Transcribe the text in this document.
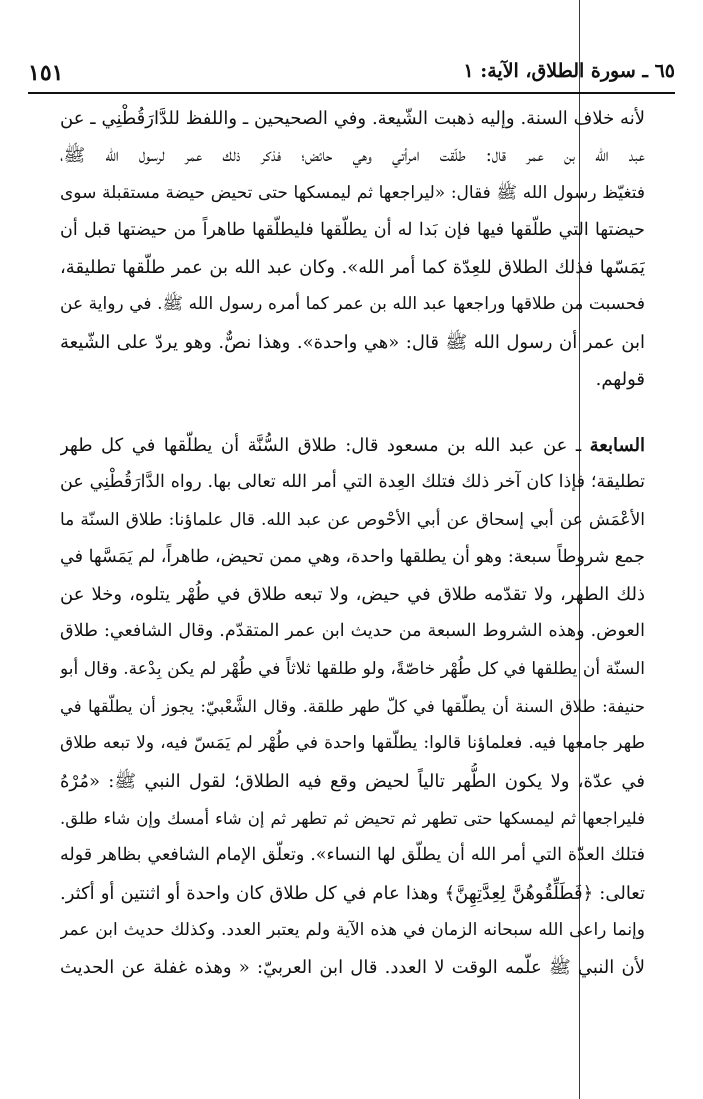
٦٥ ـ سورة الطلاق، الآية: ١
١٥١
لأنه خلاف السنة. وإليه ذهبت الشّيعة. وفي الصحيحين ـ واللفظ للدَّارَقُطْنِي ـ عن
عبد الله بن عمر قال: طلّقت امرأتي وهي حائض؛ فذكر ذلك عمر لرسول الله ﷺ،
فتغيّظ رسول الله ﷺ فقال: «ليراجعها ثم ليمسكها حتى تحيض حيضة مستقبلة سوى
حيضتها التي طلّقها فيها فإن بَدا له أن يطلّقها فليطلّقها طاهراً من حيضتها قبل أن
يَمَسّها فذلك الطلاق للعِدّة كما أمر الله». وكان عبد الله بن عمر طلّقها تطليقة،
فحسبت من طلاقها وراجعها عبد الله بن عمر كما أمره رسول الله ﷺ. في رواية عن
ابن عمر أن رسول الله ﷺ قال: «هي واحدة». وهذا نصٌّ. وهو يردّ على الشّيعة
قولهم.
السابعة ـ عن عبد الله بن مسعود قال: طلاق السُّنَّة أن يطلّقها في كل طهر
تطليقة؛ فإذا كان آخر ذلك فتلك العِدة التي أمر الله تعالى بها. رواه الدَّارَقُطْنِي عن
الأعْمَش عن أبي إسحاق عن أبي الأحْوص عن عبد الله. قال علماؤنا: طلاق السنّة ما
جمع شروطاً سبعة: وهو أن يطلقها واحدة، وهي ممن تحيض، طاهراً، لم يَمَسَّها في
ذلك الطهر، ولا تقدّمه طلاق في حيض، ولا تبعه طلاق في طُهْر يتلوه، وخلا عن
العوض. وهذه الشروط السبعة من حديث ابن عمر المتقدّم. وقال الشافعي: طلاق
السنّة أن يطلقها في كل طُهْر خاصّةً، ولو طلقها ثلاثاً في طُهْر لم يكن بِدْعة. وقال أبو
حنيفة: طلاق السنة أن يطلّقها في كلّ طهر طلقة. وقال الشَّعْبيّ: يجوز أن يطلّقها في
طهر جامعها فيه. فعلماؤنا قالوا: يطلّقها واحدة في طُهْر لم يَمَسّ فيه، ولا تبعه طلاق
في عدّة، ولا يكون الطُّهر تالياً لحيض وقع فيه الطلاق؛ لقول النبي ﷺ: «مُرْهُ
فليراجعها ثم ليمسكها حتى تطهر ثم تحيض ثم تطهر ثم إن شاء أمسك وإن شاء طلق.
فتلك العدّة التي أمر الله أن يطلّق لها النساء». وتعلّق الإمام الشافعي بظاهر قوله
تعالى: ﴿فَطَلِّقُوهُنَّ لِعِدَّتِهِنَّ﴾ وهذا عام في كل طلاق كان واحدة أو اثنتين أو أكثر.
وإنما راعى الله سبحانه الزمان في هذه الآية ولم يعتبر العدد. وكذلك حديث ابن عمر
لأن النبي ﷺ علّمه الوقت لا العدد. قال ابن العربيّ: « وهذه غفلة عن الحديث
